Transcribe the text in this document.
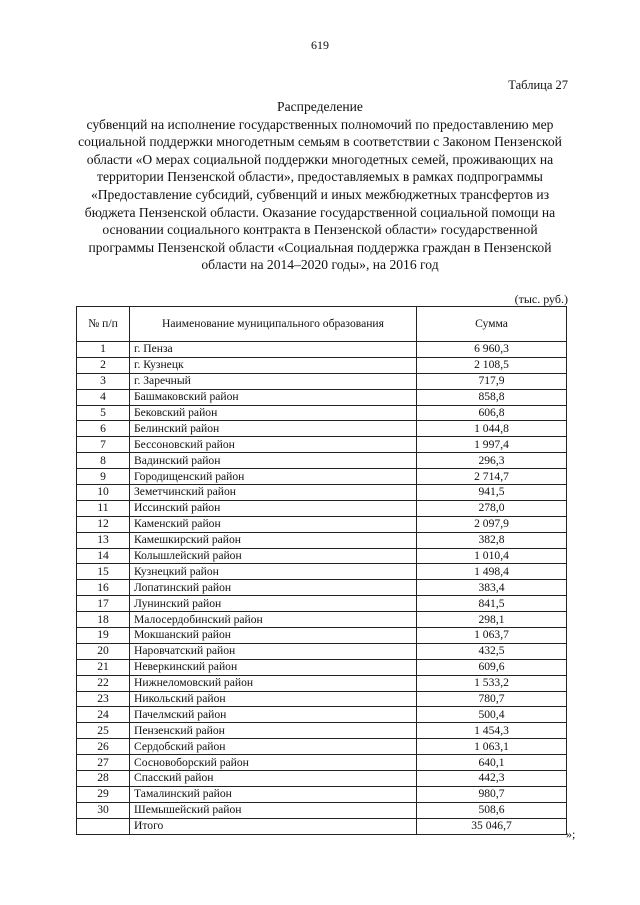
619
Таблица 27
Распределение
субвенций на исполнение государственных полномочий по предоставлению мер социальной поддержки многодетным семьям в соответствии с Законом Пензенской области «О мерах социальной поддержки многодетных семей, проживающих на территории Пензенской области», предоставляемых в рамках подпрограммы «Предоставление субсидий, субвенций и иных межбюджетных трансфертов из бюджета Пензенской области. Оказание государственной социальной помощи на основании социального контракта в Пензенской области» государственной программы Пензенской области «Социальная поддержка граждан в Пензенской области на 2014–2020 годы», на 2016 год
(тыс. руб.)
№ п/п	Наименование муниципального образования	Сумма
1	г. Пенза	6 960,3
2	г. Кузнецк	2 108,5
3	г. Заречный	717,9
4	Башмаковский район	858,8
5	Бековский район	606,8
6	Белинский район	1 044,8
7	Бессоновский район	1 997,4
8	Вадинский район	296,3
9	Городищенский район	2 714,7
10	Земетчинский район	941,5
11	Иссинский район	278,0
12	Каменский район	2 097,9
13	Камешкирский район	382,8
14	Колышлейский район	1 010,4
15	Кузнецкий район	1 498,4
16	Лопатинский район	383,4
17	Лунинский район	841,5
18	Малосердобинский район	298,1
19	Мокшанский район	1 063,7
20	Наровчатский район	432,5
21	Неверкинский район	609,6
22	Нижнеломовский район	1 533,2
23	Никольский район	780,7
24	Пачелмский район	500,4
25	Пензенский район	1 454,3
26	Сердобский район	1 063,1
27	Сосновоборский район	640,1
28	Спасский район	442,3
29	Тамалинский район	980,7
30	Шемышейский район	508,6
	Итого	35 046,7
»;
